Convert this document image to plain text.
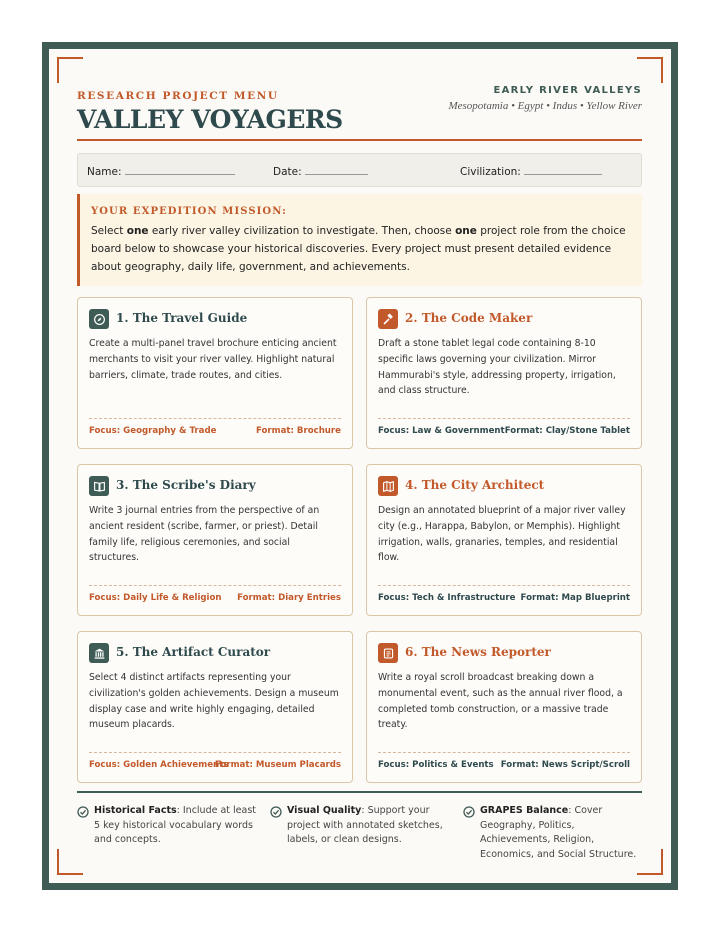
RESEARCH PROJECT MENU
VALLEY VOYAGERS
EARLY RIVER VALLEYS
Mesopotamia • Egypt • Indus • Yellow River
Name:	Date:	Civilization:
YOUR EXPEDITION MISSION:
Select one early river valley civilization to investigate. Then, choose one project role from the choice board below to showcase your historical discoveries. Every project must present detailed evidence about geography, daily life, government, and achievements.
1. The Travel Guide
Create a multi-panel travel brochure enticing ancient merchants to visit your river valley. Highlight natural barriers, climate, trade routes, and cities.
Focus: Geography & Trade	Format: Brochure
2. The Code Maker
Draft a stone tablet legal code containing 8-10 specific laws governing your civilization. Mirror Hammurabi's style, addressing property, irrigation, and class structure.
Focus: Law & Government Format: Clay/Stone Tablet
3. The Scribe's Diary
Write 3 journal entries from the perspective of an ancient resident (scribe, farmer, or priest). Detail family life, religious ceremonies, and social structures.
Focus: Daily Life & Religion Format: Diary Entries
4. The City Architect
Design an annotated blueprint of a major river valley city (e.g., Harappa, Babylon, or Memphis). Highlight irrigation, walls, granaries, temples, and residential flow.
Focus: Tech & Infrastructure Format: Map Blueprint
5. The Artifact Curator
Select 4 distinct artifacts representing your civilization's golden achievements. Design a museum display case and write highly engaging, detailed museum placards.
Focus: Golden Achievements
Format: Museum Placards
6. The News Reporter
Write a royal scroll broadcast breaking down a monumental event, such as the annual river flood, a completed tomb construction, or a massive trade treaty.
Focus: Politics & Events Format: News Script/Scroll
Historical Facts: Include at least 5 key historical vocabulary words and concepts.
Visual Quality: Support your project with annotated sketches, labels, or clean designs.
GRAPES Balance: Cover Geography, Politics, Achievements, Religion, Economics, and Social Structure.
